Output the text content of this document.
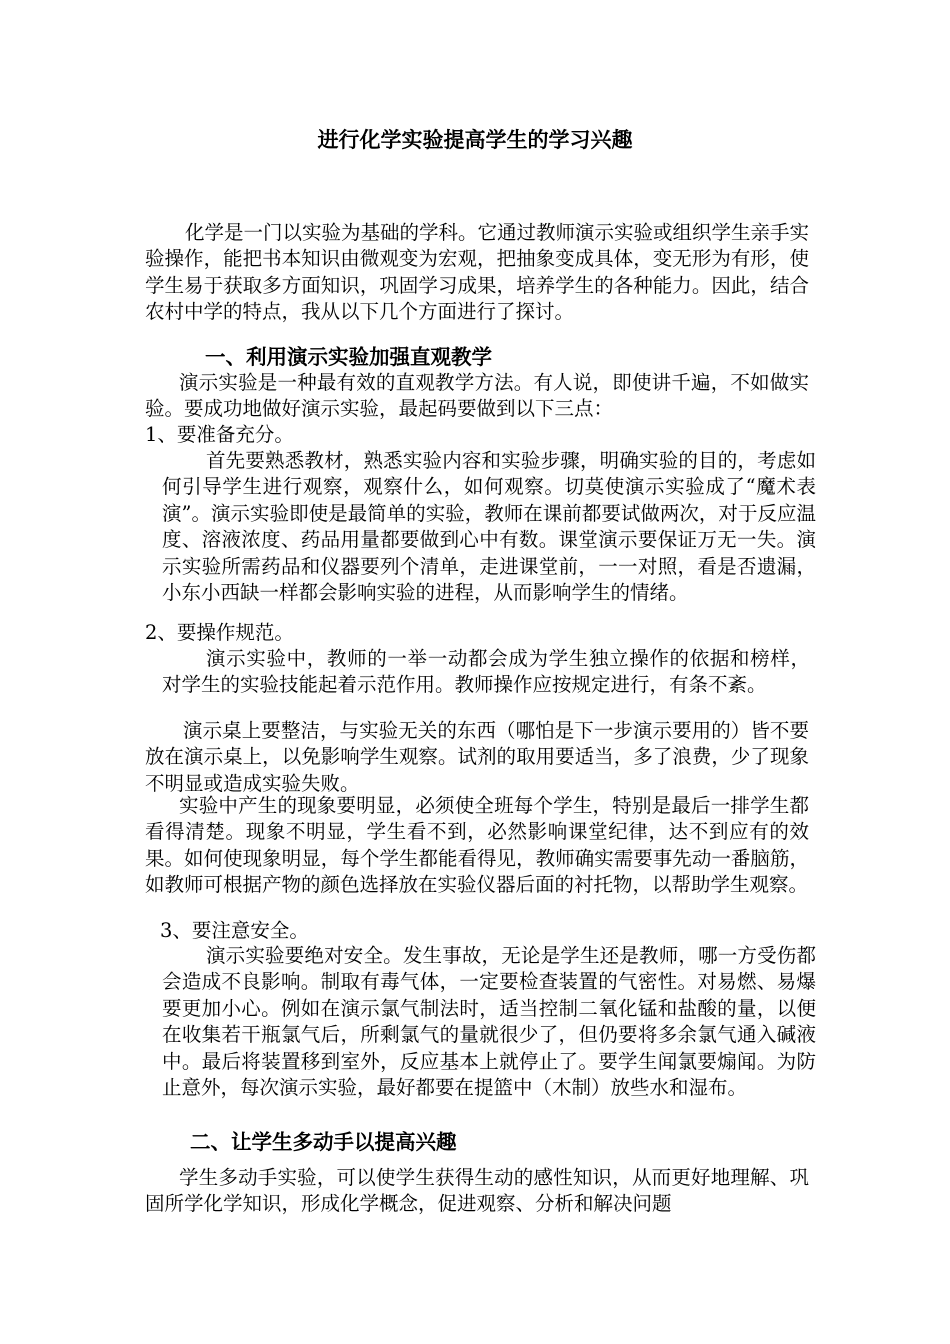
进行化学实验提高学生的学习兴趣
化学是一门以实验为基础的学科。它通过教师演示实验或组织学生亲手实验操作，能把书本知识由微观变为宏观，把抽象变成具体，变无形为有形，使学生易于获取多方面知识，巩固学习成果，培养学生的各种能力。因此，结合农村中学的特点，我从以下几个方面进行了探讨。
一、利用演示实验加强直观教学
演示实验是一种最有效的直观教学方法。有人说，即使讲千遍，不如做实验。要成功地做好演示实验，最起码要做到以下三点：
1、要准备充分。
首先要熟悉教材，熟悉实验内容和实验步骤，明确实验的目的，考虑如何引导学生进行观察，观察什么，如何观察。切莫使演示实验成了“魔术表演”。演示实验即使是最简单的实验，教师在课前都要试做两次，对于反应温度、溶液浓度、药品用量都要做到心中有数。课堂演示要保证万无一失。演示实验所需药品和仪器要列个清单，走进课堂前，一一对照，看是否遗漏，小东小西缺一样都会影响实验的进程，从而影响学生的情绪。
2、要操作规范。
演示实验中，教师的一举一动都会成为学生独立操作的依据和榜样，对学生的实验技能起着示范作用。教师操作应按规定进行，有条不紊。
演示桌上要整洁，与实验无关的东西（哪怕是下一步演示要用的）皆不要放在演示桌上，以免影响学生观察。试剂的取用要适当，多了浪费，少了现象不明显或造成实验失败。
实验中产生的现象要明显，必须使全班每个学生，特别是最后一排学生都看得清楚。现象不明显，学生看不到，必然影响课堂纪律，达不到应有的效果。如何使现象明显，每个学生都能看得见，教师确实需要事先动一番脑筋，如教师可根据产物的颜色选择放在实验仪器后面的衬托物，以帮助学生观察。
3、要注意安全。
演示实验要绝对安全。发生事故，无论是学生还是教师，哪一方受伤都会造成不良影响。制取有毒气体，一定要检查装置的气密性。对易燃、易爆要更加小心。例如在演示氯气制法时，适当控制二氧化锰和盐酸的量，以便在收集若干瓶氯气后，所剩氯气的量就很少了，但仍要将多余氯气通入碱液中。最后将装置移到室外，反应基本上就停止了。要学生闻氯要煽闻。为防止意外，每次演示实验，最好都要在提篮中（木制）放些水和湿布。
二、让学生多动手以提高兴趣
学生多动手实验，可以使学生获得生动的感性知识，从而更好地理解、巩固所学化学知识，形成化学概念，促进观察、分析和解决问题
